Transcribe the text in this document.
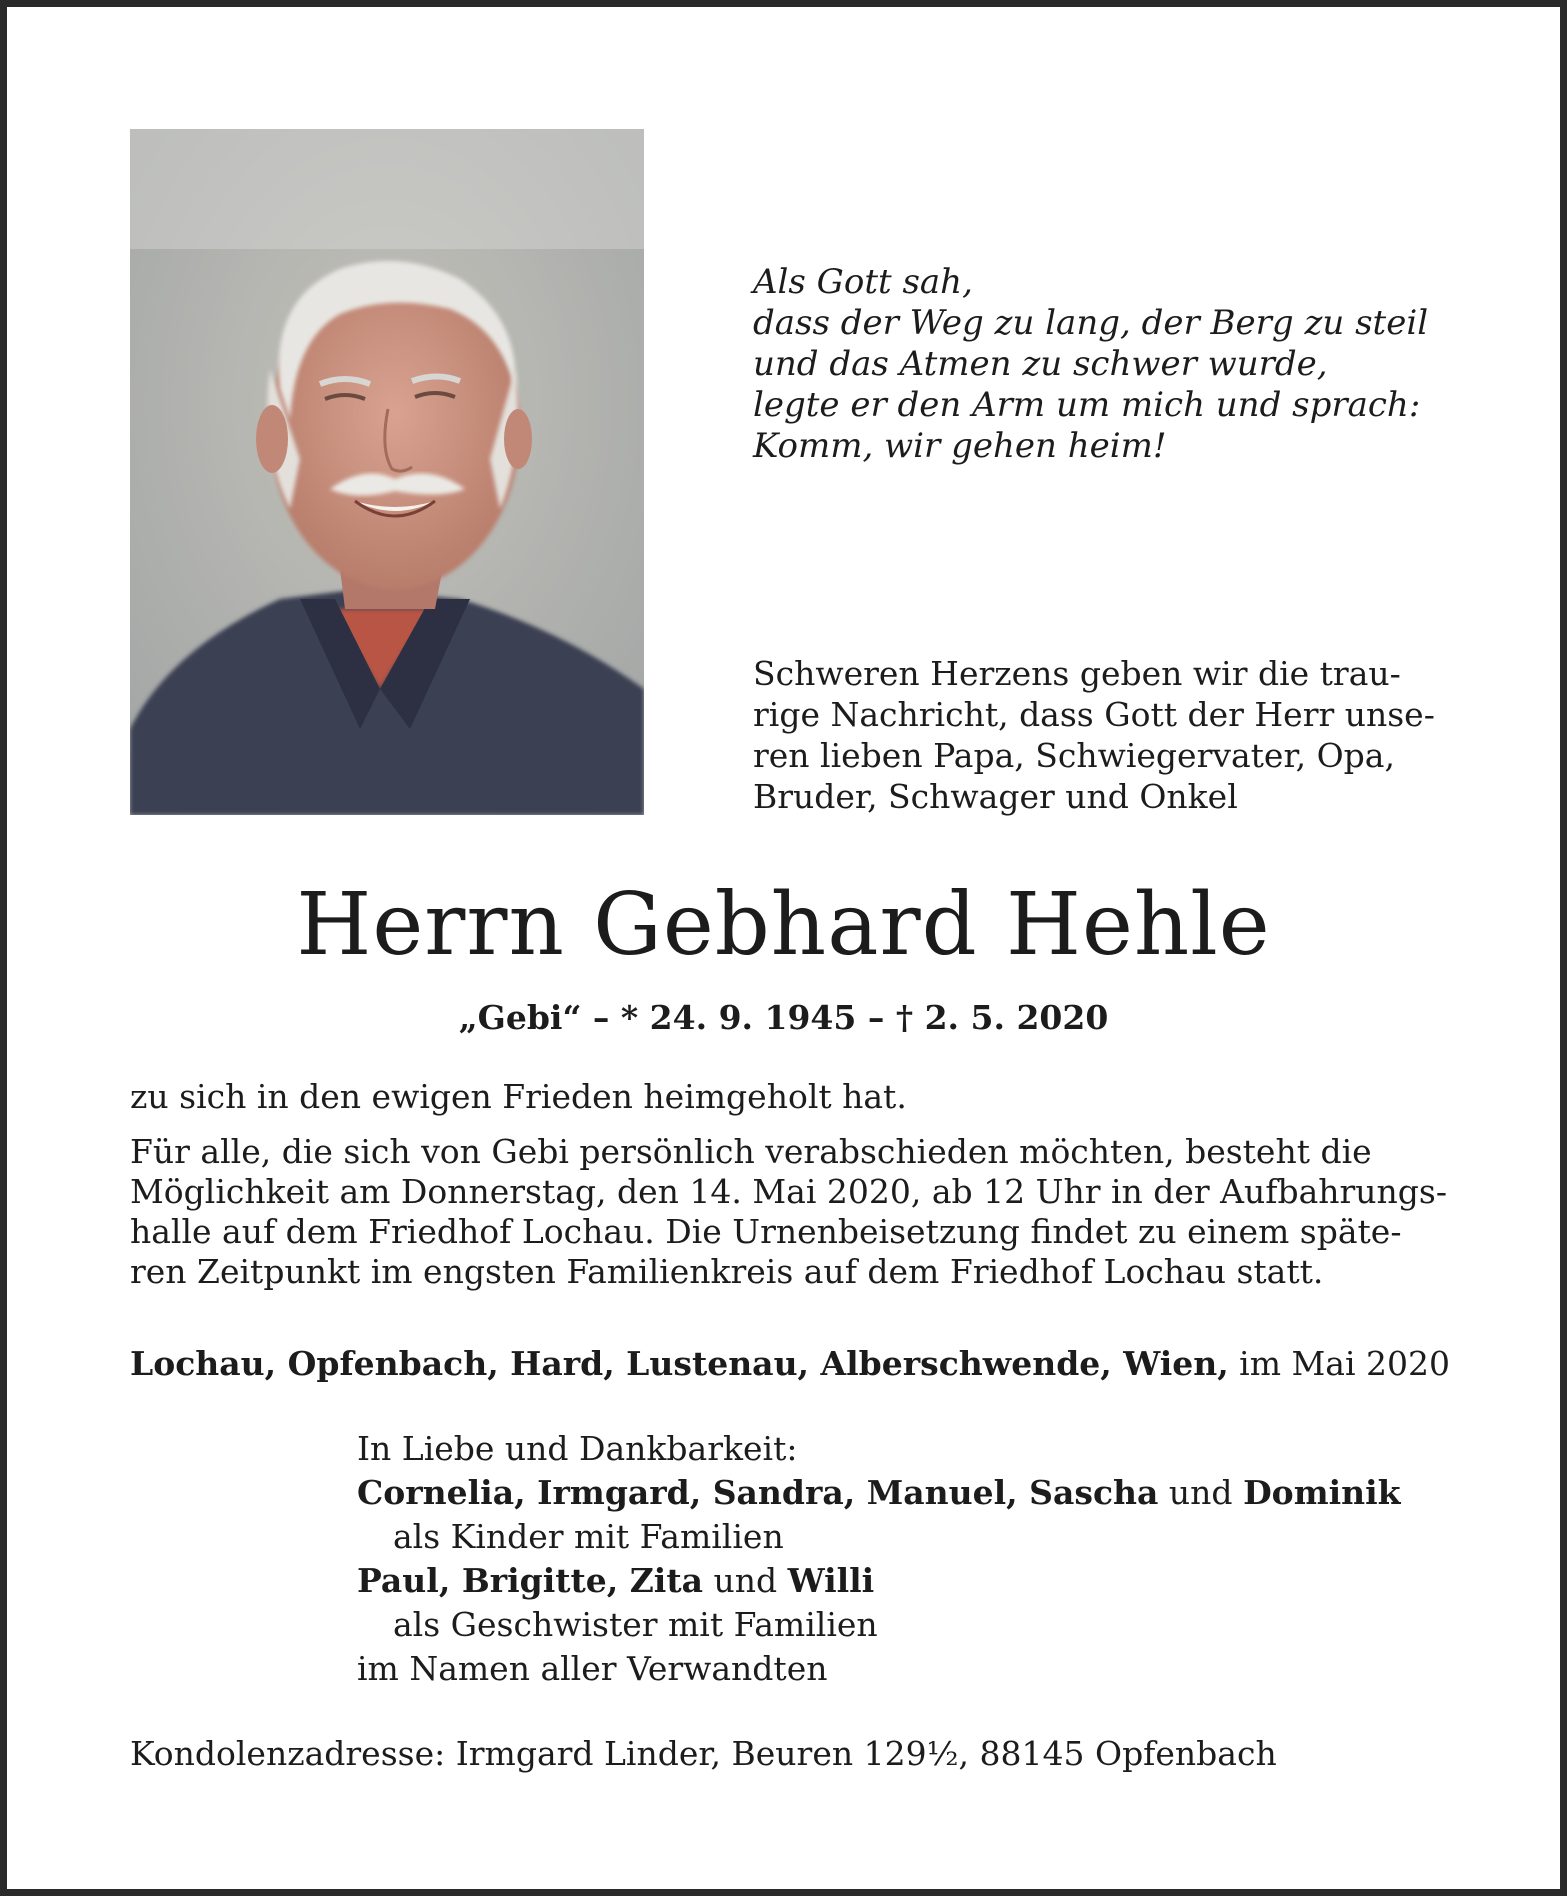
Als Gott sah,
dass der Weg zu lang, der Berg zu steil
und das Atmen zu schwer wurde,
legte er den Arm um mich und sprach:
Komm, wir gehen heim!
Schweren Herzens geben wir die trau-
rige Nachricht, dass Gott der Herr unse-
ren lieben Papa, Schwiegervater, Opa,
Bruder, Schwager und Onkel
Herrn Gebhard Hehle
„Gebi“ – * 24. 9. 1945 – † 2. 5. 2020
zu sich in den ewigen Frieden heimgeholt hat.
Für alle, die sich von Gebi persönlich verabschieden möchten, besteht die
Möglichkeit am Donnerstag, den 14. Mai 2020, ab 12 Uhr in der Aufbahrungs-
halle auf dem Friedhof Lochau. Die Urnenbeisetzung findet zu einem späte-
ren Zeitpunkt im engsten Familienkreis auf dem Friedhof Lochau statt.
Lochau, Opfenbach, Hard, Lustenau, Alberschwende, Wien, im Mai 2020
In Liebe und Dankbarkeit:
Cornelia, Irmgard, Sandra, Manuel, Sascha und Dominik
als Kinder mit Familien
Paul, Brigitte, Zita und Willi
als Geschwister mit Familien
im Namen aller Verwandten
Kondolenzadresse: Irmgard Linder, Beuren 129½, 88145 Opfenbach
